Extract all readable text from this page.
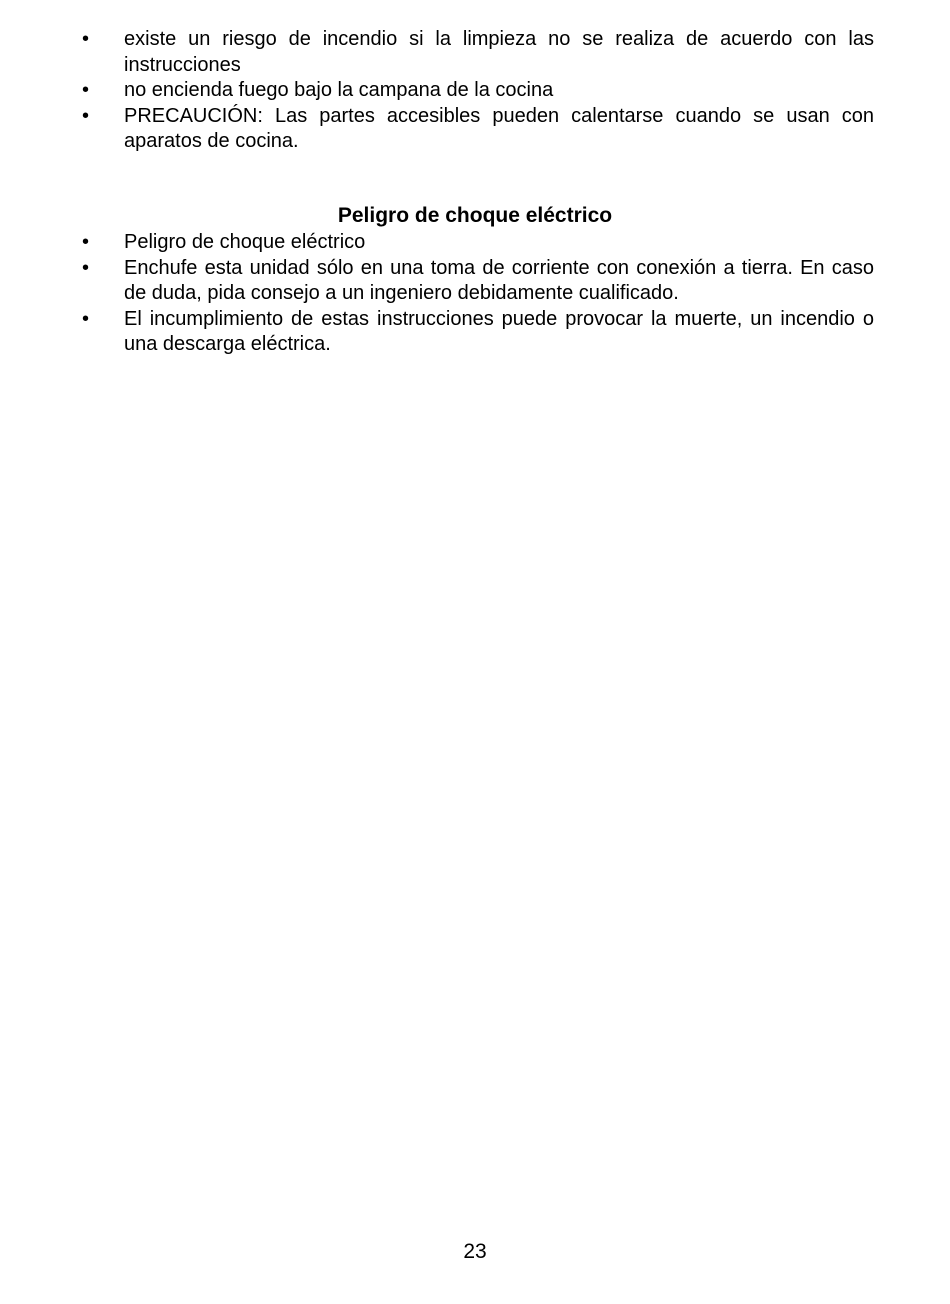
•	existe un riesgo de incendio si la limpieza no se realiza de acuerdo con las instrucciones
•	no encienda fuego bajo la campana de la cocina
•	PRECAUCIÓN: Las partes accesibles pueden calentarse cuando se usan con aparatos de cocina.
Peligro de choque eléctrico
•	Peligro de choque eléctrico
•	Enchufe esta unidad sólo en una toma de corriente con conexión a tierra. En caso de duda, pida consejo a un ingeniero debidamente cualificado.
•	El incumplimiento de estas instrucciones puede provocar la muerte, un incendio o una descarga eléctrica.
23
